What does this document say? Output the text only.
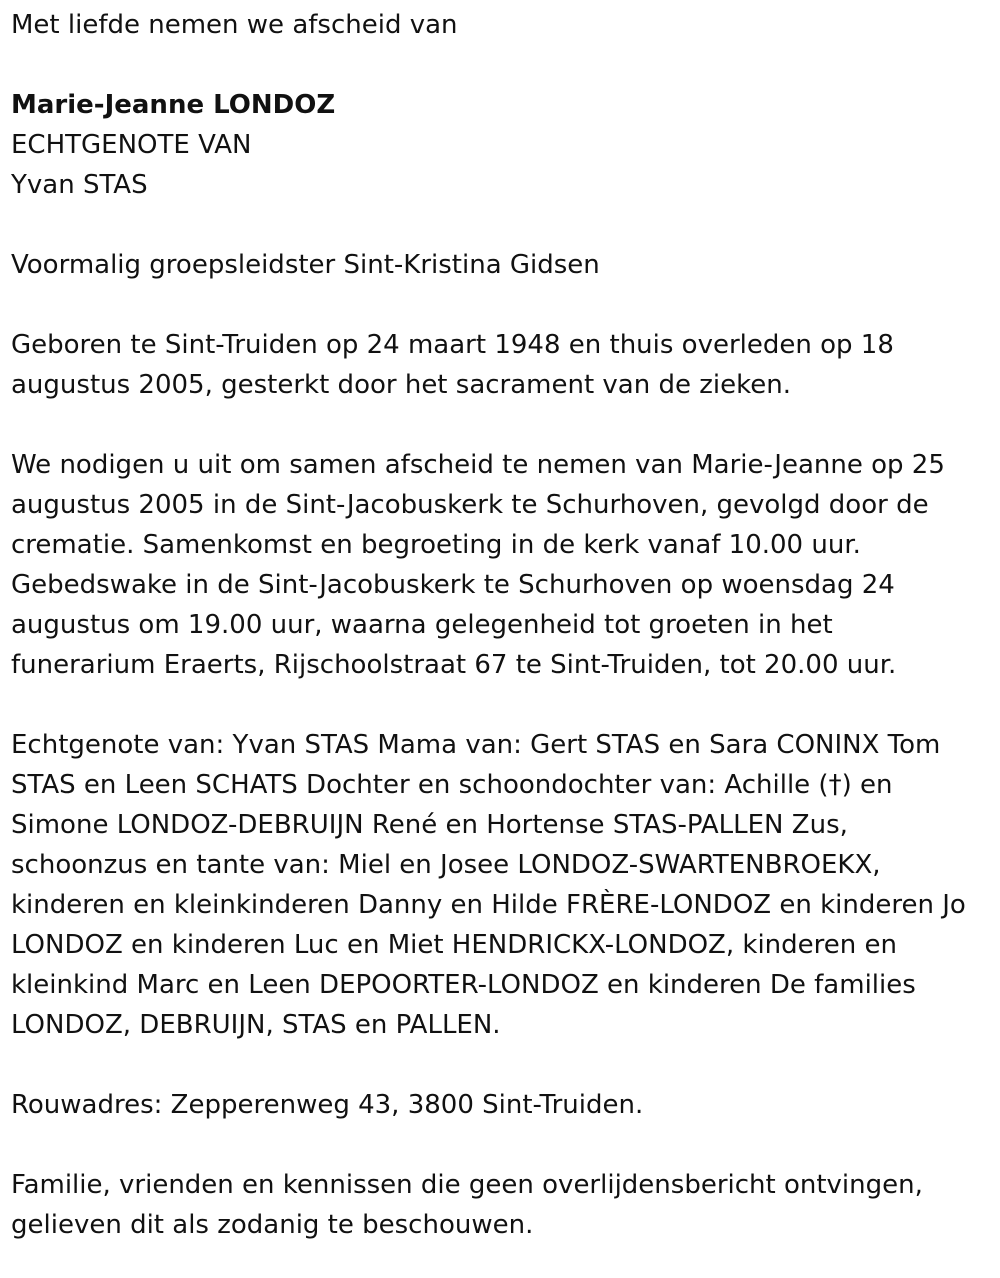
Met liefde nemen we afscheid van
Marie-Jeanne LONDOZ
ECHTGENOTE VAN
Yvan STAS
Voormalig groepsleidster Sint-Kristina Gidsen
Geboren te Sint-Truiden op 24 maart 1948 en thuis overleden op 18
augustus 2005, gesterkt door het sacrament van de zieken.
We nodigen u uit om samen afscheid te nemen van Marie-Jeanne op 25
augustus 2005 in de Sint-Jacobuskerk te Schurhoven, gevolgd door de
crematie. Samenkomst en begroeting in de kerk vanaf 10.00 uur.
Gebedswake in de Sint-Jacobuskerk te Schurhoven op woensdag 24
augustus om 19.00 uur, waarna gelegenheid tot groeten in het
funerarium Eraerts, Rijschoolstraat 67 te Sint-Truiden, tot 20.00 uur.
Echtgenote van: Yvan STAS Mama van: Gert STAS en Sara CONINX Tom
STAS en Leen SCHATS Dochter en schoondochter van: Achille (†) en
Simone LONDOZ-DEBRUIJN René en Hortense STAS-PALLEN Zus,
schoonzus en tante van: Miel en Josee LONDOZ-SWARTENBROEKX,
kinderen en kleinkinderen Danny en Hilde FRÈRE-LONDOZ en kinderen Jo
LONDOZ en kinderen Luc en Miet HENDRICKX-LONDOZ, kinderen en
kleinkind Marc en Leen DEPOORTER-LONDOZ en kinderen De families
LONDOZ, DEBRUIJN, STAS en PALLEN.
Rouwadres: Zepperenweg 43, 3800 Sint-Truiden.
Familie, vrienden en kennissen die geen overlijdensbericht ontvingen,
gelieven dit als zodanig te beschouwen.
